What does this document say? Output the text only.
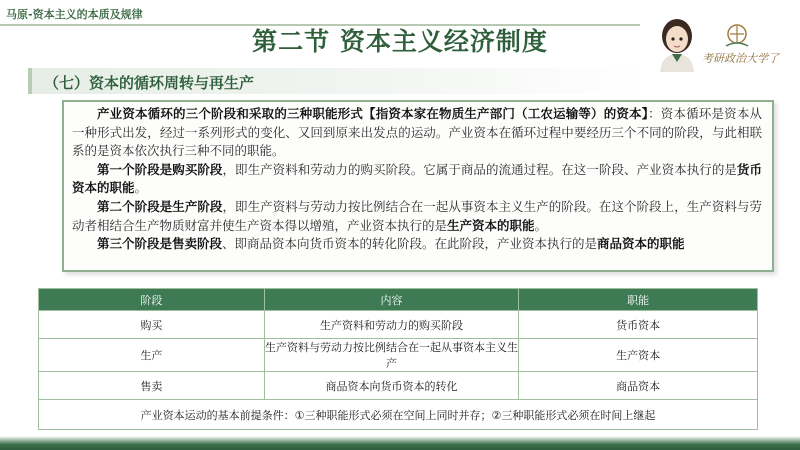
马原-资本主义的本质及规律
第二节 资本主义经济制度
考研政治大学了
（七）资本的循环周转与再生产

产业资本循环的三个阶段和采取的三种职能形式【指资本家在物质生产部门（工农运输等）的资本】：资本循环是资本从一种形式出发，经过一系列形式的变化、又回到原来出发点的运动。产业资本在循环过程中要经历三个不同的阶段，与此相联系的是资本依次执行三种不同的职能。

第一个阶段是购买阶段，即生产资料和劳动力的购买阶段。它属于商品的流通过程。在这一阶段、产业资本执行的是货币资本的职能。

第二个阶段是生产阶段，即生产资料与劳动力按比例结合在一起从事资本主义生产的阶段。在这个阶段上，生产资料与劳动者相结合生产物质财富并使生产资本得以增殖，产业资本执行的是生产资本的职能。

第三个阶段是售卖阶段、即商品资本向货币资本的转化阶段。在此阶段，产业资本执行的是商品资本的职能

阶段	内容	职能
购买	生产资料和劳动力的购买阶段	货币资本
生产	生产资料与劳动力按比例结合在一起从事资本主义生产	生产资本
售卖	商品资本向货币资本的转化	商品资本
产业资本运动的基本前提条件：①三种职能形式必须在空间上同时并存；②三种职能形式必须在时间上继起		
